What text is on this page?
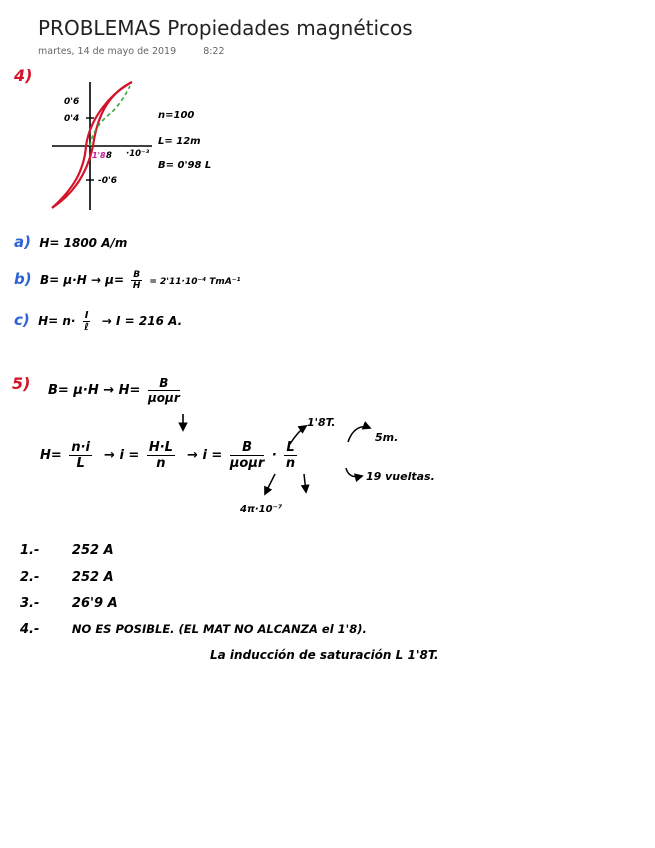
PROBLEMAS Propiedades magnéticos
martes, 14 de mayo de 2019	8:22
4)
0'6
0'4
-0'6
1'8 8 ·10⁻³
n=100
L= 12m
B= 0'98 L
a) H= 1800 A/m
b) $B= \mu\cdot H \to \mu= \frac{B}{H} = 2'11\cdot 10^{-4}$ TmA⁻¹
c) $H= n\cdot \frac{I}{\text{ℓ}} \to I = 216$ A.
5) $B= \mu\cdot H \to H= \frac{B}{\text{μoμr}}$
$H= \frac{n\cdot i}{L} \to i = \frac{H\cdot L}{n} \to i = \frac{B}{\text{μoμr}} \cdot \frac{L}{n}$
1'8T.
5m.
19 vueltas.
4π·10⁻⁷
1.-	252 A
2.-	252 A
3.-	26'9 A
4.-	NO ES POSIBLE. (EL MAT NO ALCANZA el 1'8).
La inducción de saturación L 1'8T.
